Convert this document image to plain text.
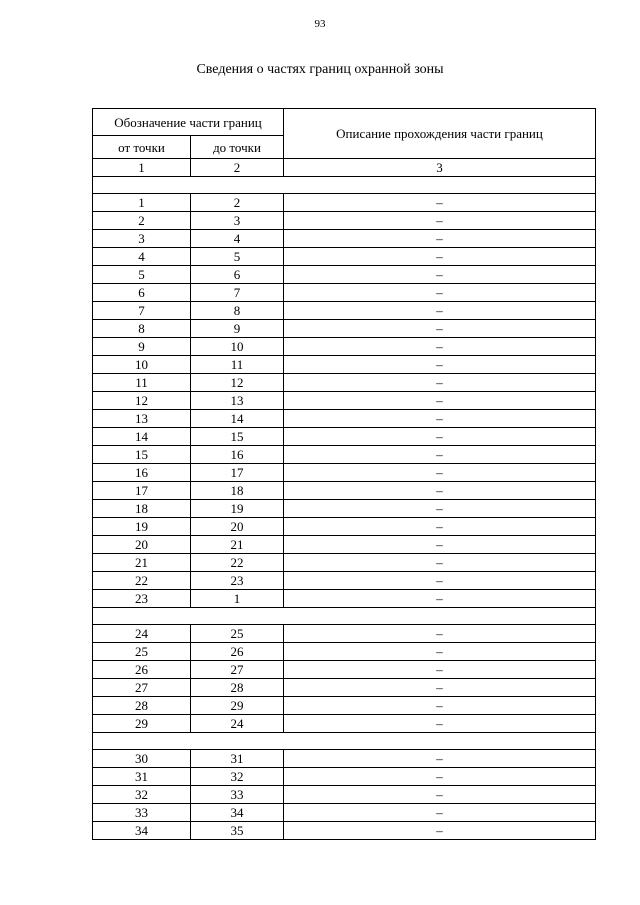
93
Сведения о частях границ охранной зоны
Обозначение части границ		Описание прохождения части границ
от точки	до точки	
1	2	3

1	2	–
2	3	–
3	4	–
4	5	–
5	6	–
6	7	–
7	8	–
8	9	–
9	10	–
10	11	–
11	12	–
12	13	–
13	14	–
14	15	–
15	16	–
16	17	–
17	18	–
18	19	–
19	20	–
20	21	–
21	22	–
22	23	–
23	1	–

24	25	–
25	26	–
26	27	–
27	28	–
28	29	–
29	24	–

30	31	–
31	32	–
32	33	–
33	34	–
34	35	–
